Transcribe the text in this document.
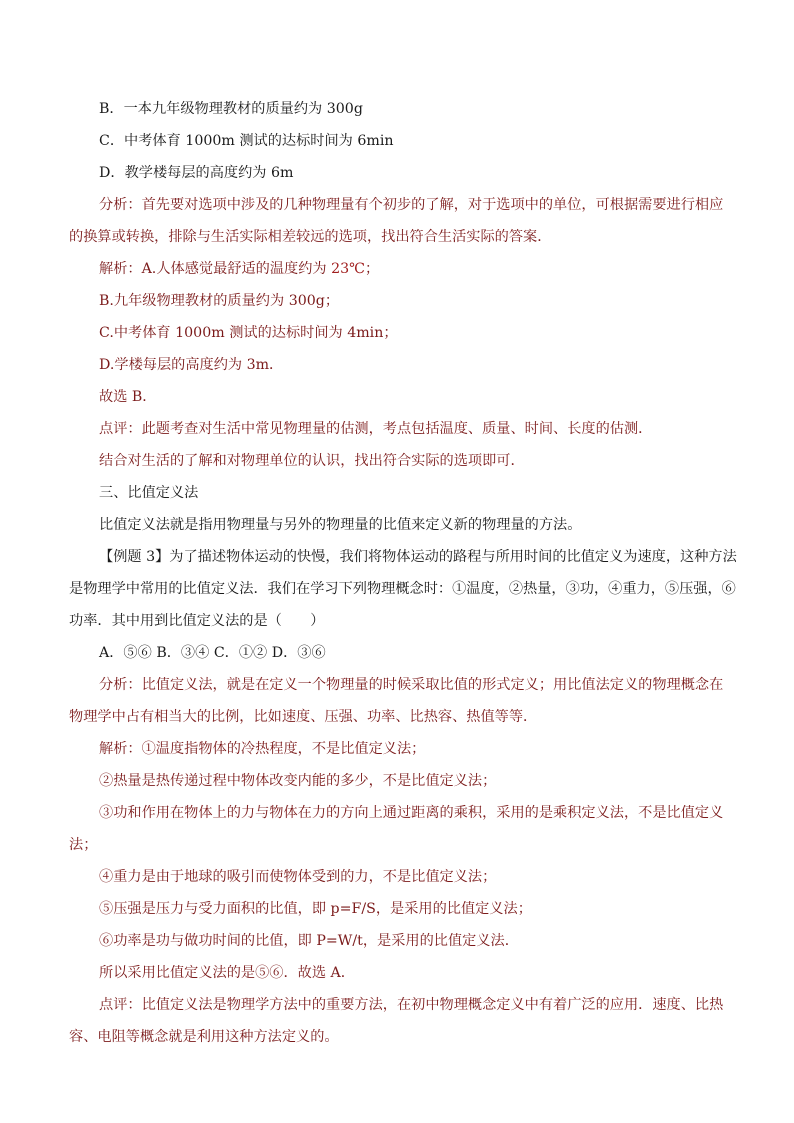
B．一本九年级物理教材的质量约为 300g
C．中考体育 1000m 测试的达标时间为 6min
D．教学楼每层的高度约为 6m
分析：首先要对选项中涉及的几种物理量有个初步的了解，对于选项中的单位，可根据需要进行相应
的换算或转换，排除与生活实际相差较远的选项，找出符合生活实际的答案．
解析：A.人体感觉最舒适的温度约为 23℃；
B.九年级物理教材的质量约为 300g；
C.中考体育 1000m 测试的达标时间为 4min；
D.学楼每层的高度约为 3m．
故选 B．
点评：此题考查对生活中常见物理量的估测，考点包括温度、质量、时间、长度的估测．
结合对生活的了解和对物理单位的认识，找出符合实际的选项即可．
三、比值定义法
比值定义法就是指用物理量与另外的物理量的比值来定义新的物理量的方法。
【例题 3】为了描述物体运动的快慢，我们将物体运动的路程与所用时间的比值定义为速度，这种方法
是物理学中常用的比值定义法．我们在学习下列物理概念时：①温度，②热量，③功，④重力，⑤压强，⑥
功率．其中用到比值定义法的是（　　）
A．⑤⑥ B．③④ C．①② D．③⑥
分析：比值定义法，就是在定义一个物理量的时候采取比值的形式定义；用比值法定义的物理概念在
物理学中占有相当大的比例，比如速度、压强、功率、比热容、热值等等．
解析：①温度指物体的冷热程度，不是比值定义法；
②热量是热传递过程中物体改变内能的多少，不是比值定义法；
③功和作用在物体上的力与物体在力的方向上通过距离的乘积，采用的是乘积定义法，不是比值定义
法；
④重力是由于地球的吸引而使物体受到的力，不是比值定义法；
⑤压强是压力与受力面积的比值，即 p=F/S，是采用的比值定义法；
⑥功率是功与做功时间的比值，即 P=W/t，是采用的比值定义法．
所以采用比值定义法的是⑤⑥．故选 A．
点评：比值定义法是物理学方法中的重要方法，在初中物理概念定义中有着广泛的应用．速度、比热
容、电阻等概念就是利用这种方法定义的。
